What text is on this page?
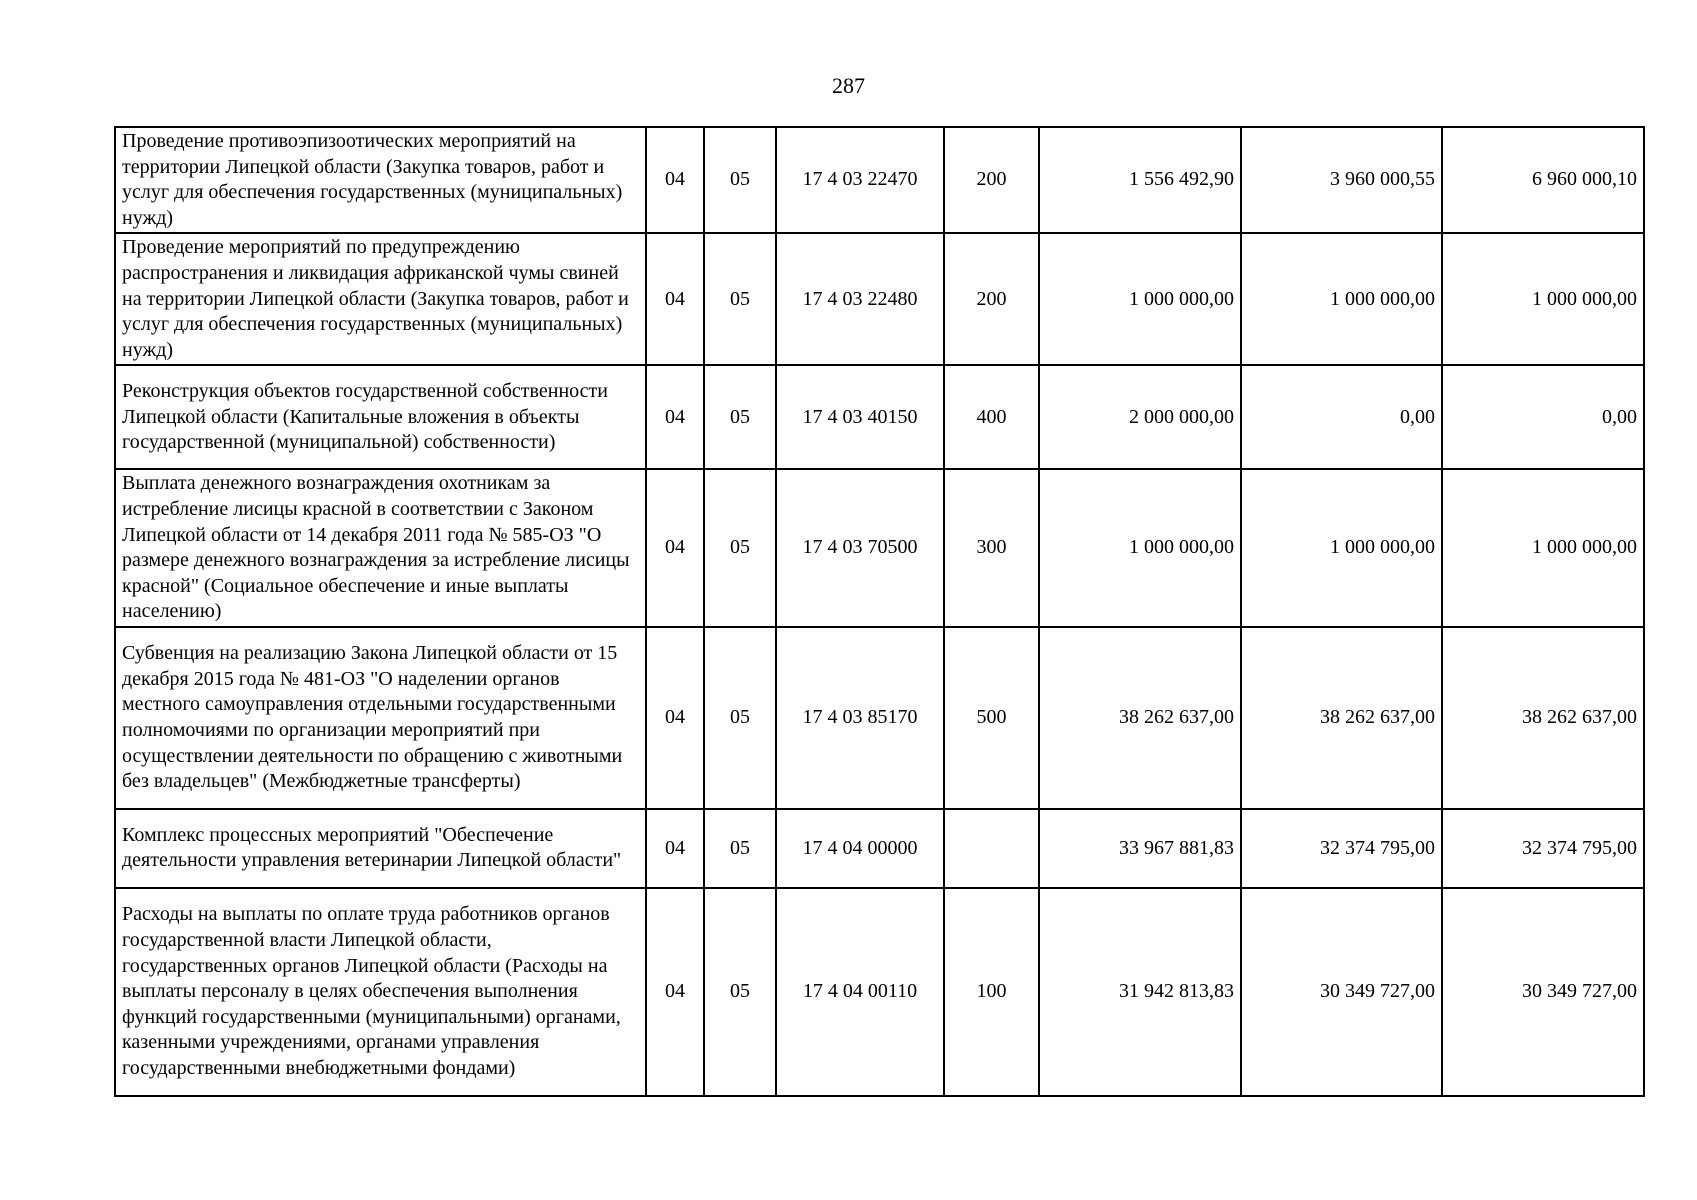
287
Проведение противоэпизоотических мероприятий на территории Липецкой области (Закупка товаров, работ и услуг для обеспечения государственных (муниципальных) нужд)	04	05	17 4 03 22470	200	1 556 492,90	3 960 000,55	6 960 000,10
Проведение мероприятий по предупреждению распространения и ликвидация африканской чумы свиней на территории Липецкой области (Закупка товаров, работ и услуг для обеспечения государственных (муниципальных) нужд)	04	05	17 4 03 22480	200	1 000 000,00	1 000 000,00	1 000 000,00
Реконструкция объектов государственной собственности Липецкой области (Капитальные вложения в объекты государственной (муниципальной) собственности)	04	05	17 4 03 40150	400	2 000 000,00	0,00	0,00
Выплата денежного вознаграждения охотникам за истребление лисицы красной в соответствии с Законом Липецкой области от 14 декабря 2011 года № 585-ОЗ "О размере денежного вознаграждения за истребление лисицы красной" (Социальное обеспечение и иные выплаты населению)	04	05	17 4 03 70500	300	1 000 000,00	1 000 000,00	1 000 000,00
Субвенция на реализацию Закона Липецкой области от 15 декабря 2015 года № 481-ОЗ "О наделении органов местного самоуправления отдельными государственными полномочиями по организации мероприятий при осуществлении деятельности по обращению с животными без владельцев" (Межбюджетные трансферты)	04	05	17 4 03 85170	500	38 262 637,00	38 262 637,00	38 262 637,00
Комплекс процессных мероприятий "Обеспечение деятельности управления ветеринарии Липецкой области"	04	05	17 4 04 00000		33 967 881,83	32 374 795,00	32 374 795,00
Расходы на выплаты по оплате труда работников органов государственной власти Липецкой области, государственных органов Липецкой области (Расходы на выплаты персоналу в целях обеспечения выполнения функций государственными (муниципальными) органами, казенными учреждениями, органами управления государственными внебюджетными фондами)	04	05	17 4 04 00110	100	31 942 813,83	30 349 727,00	30 349 727,00
